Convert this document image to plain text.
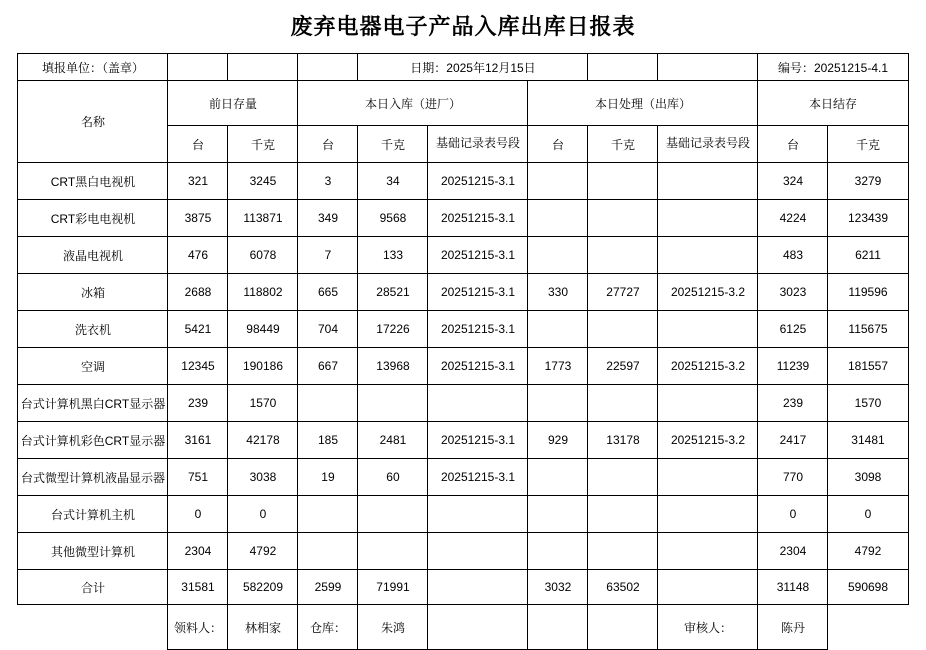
废弃电器电子产品入库出库日报表
填报单位：（盖章）				日期：2025年12月15日					编号：20251215-4.1	
名称	前日存量		本日入库（进厂）			本日处理（出库）			本日结存	
	台	千克	台	千克	基础记录表号段	台	千克	基础记录表号段	台	千克
CRT黑白电视机	321	3245	3	34	20251215-3.1				324	3279
CRT彩电电视机	3875	113871	349	9568	20251215-3.1				4224	123439
液晶电视机	476	6078	7	133	20251215-3.1				483	6211
冰箱	2688	118802	665	28521	20251215-3.1	330	27727	20251215-3.2	3023	119596
洗衣机	5421	98449	704	17226	20251215-3.1				6125	115675
空调	12345	190186	667	13968	20251215-3.1	1773	22597	20251215-3.2	11239	181557
台式计算机黑白CRT显示器	239	1570							239	1570
台式计算机彩色CRT显示器	3161	42178	185	2481	20251215-3.1	929	13178	20251215-3.2	2417	31481
台式微型计算机液晶显示器	751	3038	19	60	20251215-3.1				770	3098
台式计算机主机	0	0							0	0
其他微型计算机	2304	4792							2304	4792
合计	31581	582209	2599	71991		3032	63502		31148	590698
	领料人：	林相家	仓库：	朱鸿				审核人：	陈丹	
